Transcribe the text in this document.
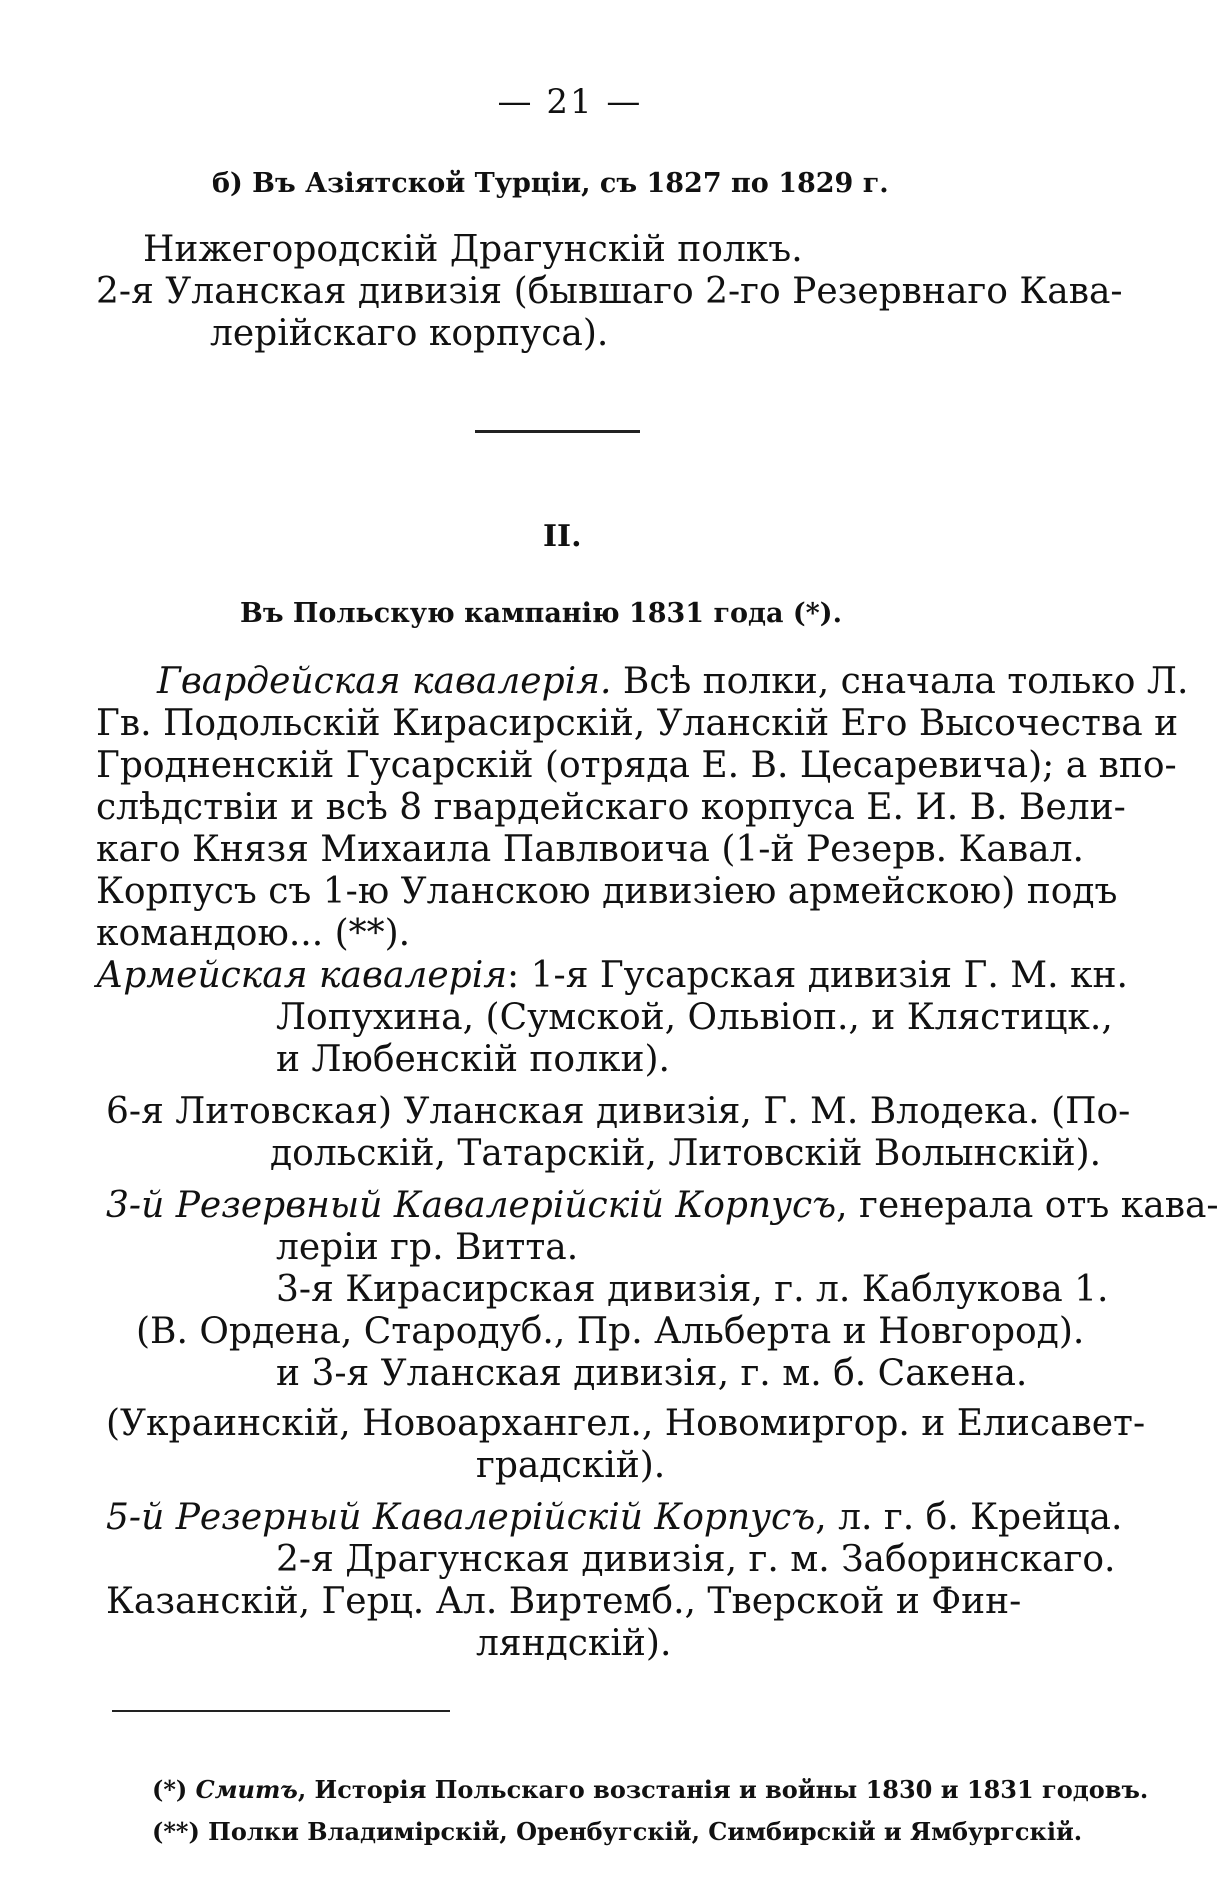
— 21 —

б) Въ Азіятской Турціи, съ 1827 по 1829 г.

Нижегородскій Драгунскій полкъ.

2-я Уланская дивизія (бывшаго 2-го Резервнаго Кава-

лерійскаго корпуса).

II.

Въ Польскую кампанію 1831 года (*).

Гвардейская кавалерія. Всѣ полки, сначала только Л.

Гв. Подольскій Кирасирскій, Уланскій Его Высочества и

Гродненскій Гусарскій (отряда Е. В. Цесаревича); а впо-

слѣдствіи и всѣ 8 гвардейскаго корпуса Е. И. В. Вели-

каго Князя Михаила Павлвоича (1-й Резерв. Кавал.

Корпусъ съ 1-ю Уланскою дивизіею армейскою) подъ

командою... (**).

Армейская кавалерія: 1-я Гусарская дивизія Г. М. кн.

Лопухина, (Сумской, Ольвіоп., и Клястицк.,

и Любенскій полки).

6-я Литовская) Уланская дивизія, Г. М. Влодека. (По-

дольскій, Татарскій, Литовскій Волынскій).

3-й Резервный Кавалерійскій Корпусъ, генерала отъ кава-

леріи гр. Витта.

3-я Кирасирская дивизія, г. л. Каблукова 1.

(В. Ордена, Стародуб., Пр. Альберта и Новгород).

и 3-я Уланская дивизія, г. м. б. Сакена.

(Украинскій, Новоархангел., Новомиргор. и Елисавет-

градскій).

5-й Резерный Кавалерійскій Корпусъ, л. г. б. Крейца.

2-я Драгунская дивизія, г. м. Заборинскаго.

Казанскій, Герц. Ал. Виртемб., Тверской и Фин-

ляндскій).

(*) Смитъ, Исторія Польскаго возстанія и войны 1830 и 1831 годовъ.

(**) Полки Владимірскій, Оренбугскій, Симбирскій и Ямбургскій.
